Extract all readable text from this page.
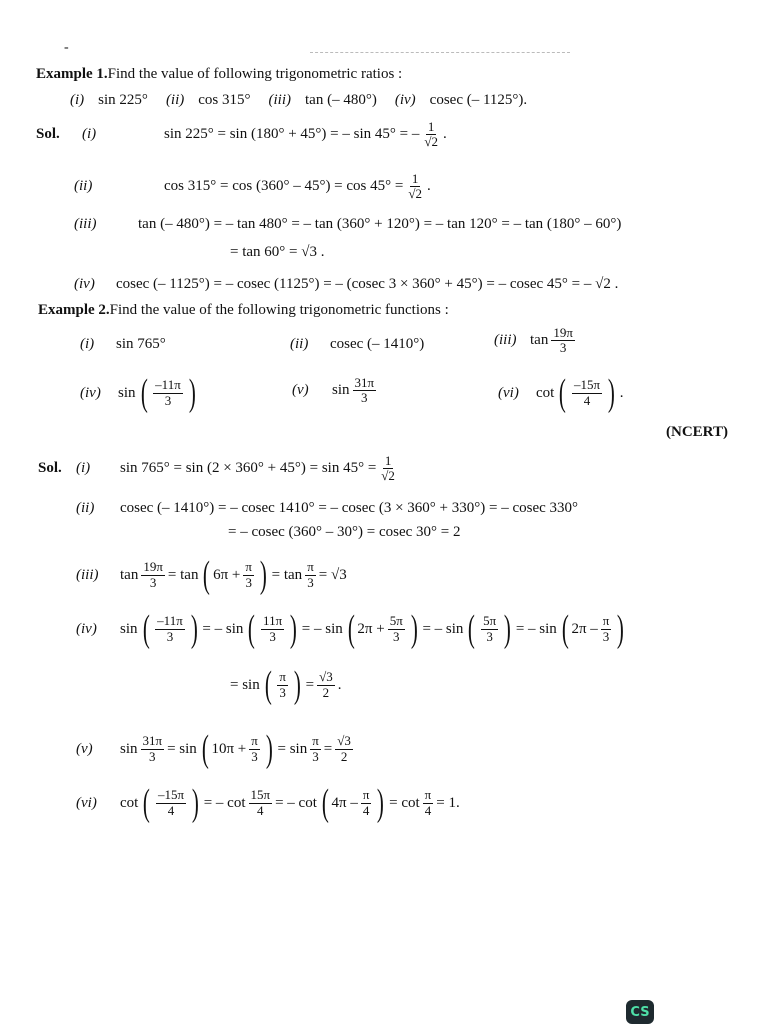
-
Example 1. Find the value of following trigonometric ratios :
(i) sin 225° (ii) cos 315° (iii) tan (– 480°) (iv) cosec (– 1125°).
Sol.	(i)	sin 225° = sin (180° + 45°) = – sin 45° = – $\frac{1}{√2}$ .
(ii)	$\cos 315^\circ = \cos (360^\circ - 45^\circ) = \cos 45^\circ = \frac{1}{√2}$ .
(iii)	tan (– 480°) = – tan 480° = – tan (360° + 120°) = – tan 120° = – tan (180° – 60°)
= tan 60° = √3 .
(iv)	cosec (– 1125°) = – cosec (1125°) = – (cosec 3 × 360° + 45°) = – cosec 45° = – √2 .
Example 2. Find the value of the following trigonometric functions :
(i)	sin 765°	(ii)	cosec (– 1410°)	(iii) $\tan \frac{19\pi}{3}$
(iv)	sin ( $\frac{-11\pi}{3}$ )	(v)	$\sin \frac{31\pi}{3}$	(vi)	cot ( $\frac{-15\pi}{4}$ ) .
(NCERT)
Sol. (i)	$\sin 765^\circ = \sin (2 \times 360^\circ + 45^\circ) = \sin 45^\circ = \frac{1}{√2}$
(ii)	cosec (– 1410°) = – cosec 1410° = – cosec (3 × 360° + 330°) = – cosec 330°
= – cosec (360° – 30°) = cosec 30° = 2
(iii)	$\tan \frac{19\pi}{3} = \tan$ ( $6\pi + \frac{\pi}{3}$ ) = $\tan \frac{\pi}{3} = √3$
(iv)	sin ( $\frac{-11\pi}{3}$ ) = – sin ( $\frac{11\pi}{3}$ ) = – sin ( $2\pi + \frac{5\pi}{3}$ ) = – sin ( $\frac{5\pi}{3}$ ) = – sin ( $2\pi - \frac{\pi}{3}$ )
= sin ( $\frac{\pi}{3}$ ) = $\frac{√3}{2}$ .
(v)	$\sin \frac{31\pi}{3} = \sin$ ( $10\pi + \frac{\pi}{3}$ ) = $\sin \frac{\pi}{3} = \frac{√3}{2}$
(vi)	cot ( $\frac{-15\pi}{4}$ ) = – $\cot \frac{15\pi}{4}$ = – cot ( $4\pi - \frac{\pi}{4}$ ) = $\cot \frac{\pi}{4} = 1$.
CS
